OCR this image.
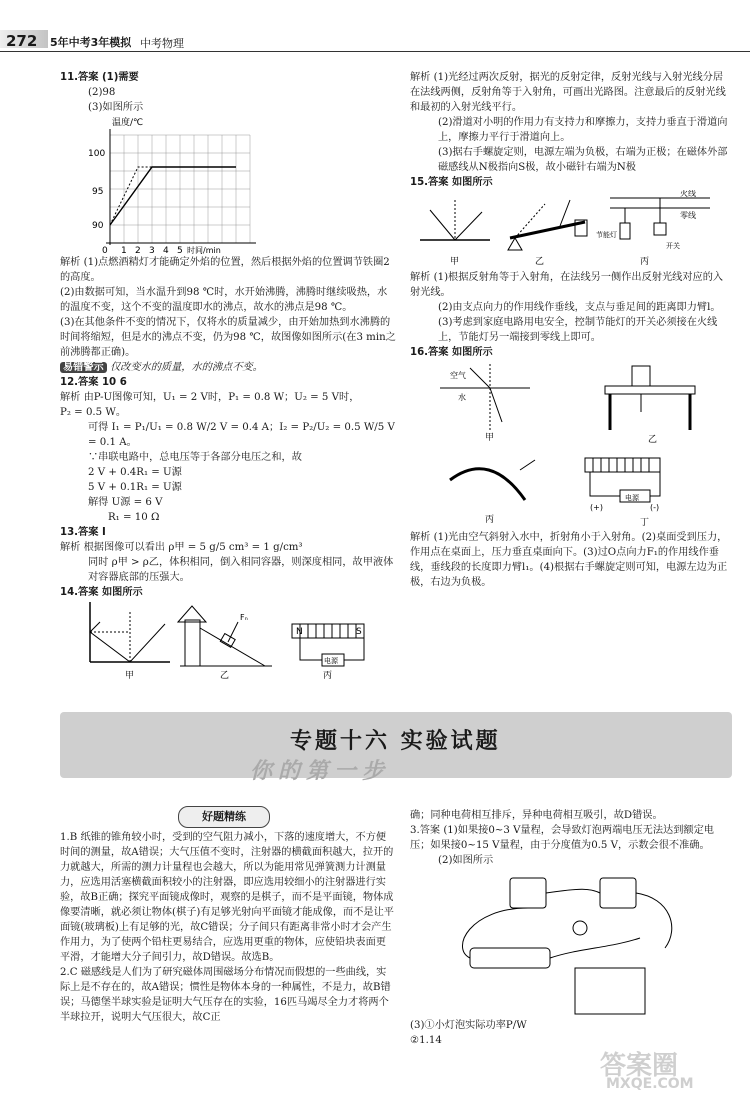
272 5年中考3年模拟 中考物理

11.答案 (1)需要

(2)98

(3)如图所示

温度/℃
100
95
90
0 1 2 3 4 5 时间/min

解析 (1)点燃酒精灯才能确定外焰的位置，然后根据外焰的位置调节铁圈2的高度。

(2)由数据可知，当水温升到98 ℃时，水开始沸腾，沸腾时继续吸热，水的温度不变，这个不变的温度即水的沸点，故水的沸点是98 ℃。

(3)在其他条件不变的情况下，仅将水的质量减少，由开始加热到水沸腾的时间将缩短，但是水的沸点不变，仍为98 ℃，故图像如图所示(在3 min之前沸腾都正确)。

易错警示 仅改变水的质量，水的沸点不变。

12.答案 10 6

解析 由P-U图像可知，U₁ = 2 V时，P₁ = 0.8 W；U₂ = 5 V时，

P₂ = 0.5 W。

可得 I₁ = P₁/U₁ = 0.8 W/2 V = 0.4 A；I₂ = P₂/U₂ = 0.5 W/5 V = 0.1 A。

∵串联电路中，总电压等于各部分电压之和，故

2 V + 0.4R₁ = U源

5 V + 0.1R₁ = U源

解得 U源 = 6 V

R₁ = 10 Ω

13.答案 I

解析 根据图像可以看出 ρ甲 = 5 g/5 cm³ = 1 g/cm³

同时 ρ甲 > ρ乙，体积相同，倒入相同容器，则深度相同，故甲液体对容器底部的压强大。

14.答案 如图所示

甲
Fₙ
乙
N	S
电源
丙

解析 (1)光经过两次反射，据光的反射定律，反射光线与入射光线分居在法线两侧，反射角等于入射角，可画出光路图。注意最后的反射光线和最初的入射光线平行。

(2)滑道对小明的作用力有支持力和摩擦力，支持力垂直于滑道向上，摩擦力平行于滑道向上。

(3)据右手螺旋定则，电源左端为负极，右端为正极；在磁体外部磁感线从N极指向S极，故小磁针右端为N极

15.答案 如图所示

甲	乙
火线
零线
节能灯
开关
丙

解析 (1)根据反射角等于入射角，在法线另一侧作出反射光线对应的入射光线。

(2)由支点向力的作用线作垂线，支点与垂足间的距离即力臂l。

(3)考虑到家庭电路用电安全，控制节能灯的开关必须接在火线上，节能灯另一端接到零线上即可。

16.答案 如图所示

空气
水
甲	乙
丙
电源
(+)	(-)
丁

解析 (1)光由空气斜射入水中，折射角小于入射角。(2)桌面受到压力，作用点在桌面上，压力垂直桌面向下。(3)过O点向力F₁的作用线作垂线，垂线段的长度即力臂l₁。(4)根据右手螺旋定则可知，电源左边为正极，右边为负极。

专题十六 实验试题
你的第一步
好题精练

1.B 纸锥的锥角较小时，受到的空气阻力减小，下落的速度增大，不方便时间的测量，故A错误；大气压值不变时，注射器的横截面积越大，拉开的力就越大，所需的测力计量程也会越大，所以为能用常见弹簧测力计测量力，应选用活塞横截面积较小的注射器，即应选用较细小的注射器进行实验，故B正确；探究平面镜成像时，观察的是棋子，而不是平面镜，物体成像要清晰，就必须让物体(棋子)有足够光射向平面镜才能成像，而不是让平面镜(玻璃板)上有足够的光，故C错误；分子间只有距离非常小时才会产生作用力，为了使两个铅柱更易结合，应选用更重的物体，应使铅块表面更平滑，才能增大分子间引力，故D错误。故选B。

2.C 磁感线是人们为了研究磁体周围磁场分布情况而假想的一些曲线，实际上是不存在的，故A错误；惯性是物体本身的一种属性，不是力，故B错误；马德堡半球实验是证明大气压存在的实验，16匹马竭尽全力才将两个半球拉开，说明大气压很大，故C正

确；同种电荷相互排斥，异种电荷相互吸引，故D错误。

3.答案 (1)如果接0~3 V量程，会导致灯泡两端电压无法达到额定电压；如果接0~15 V量程，由于分度值为0.5 V，示数会很不准确。

(2)如图所示

(3)①小灯泡实际功率P/W

②1.14

答案圈
MXQE.COM
